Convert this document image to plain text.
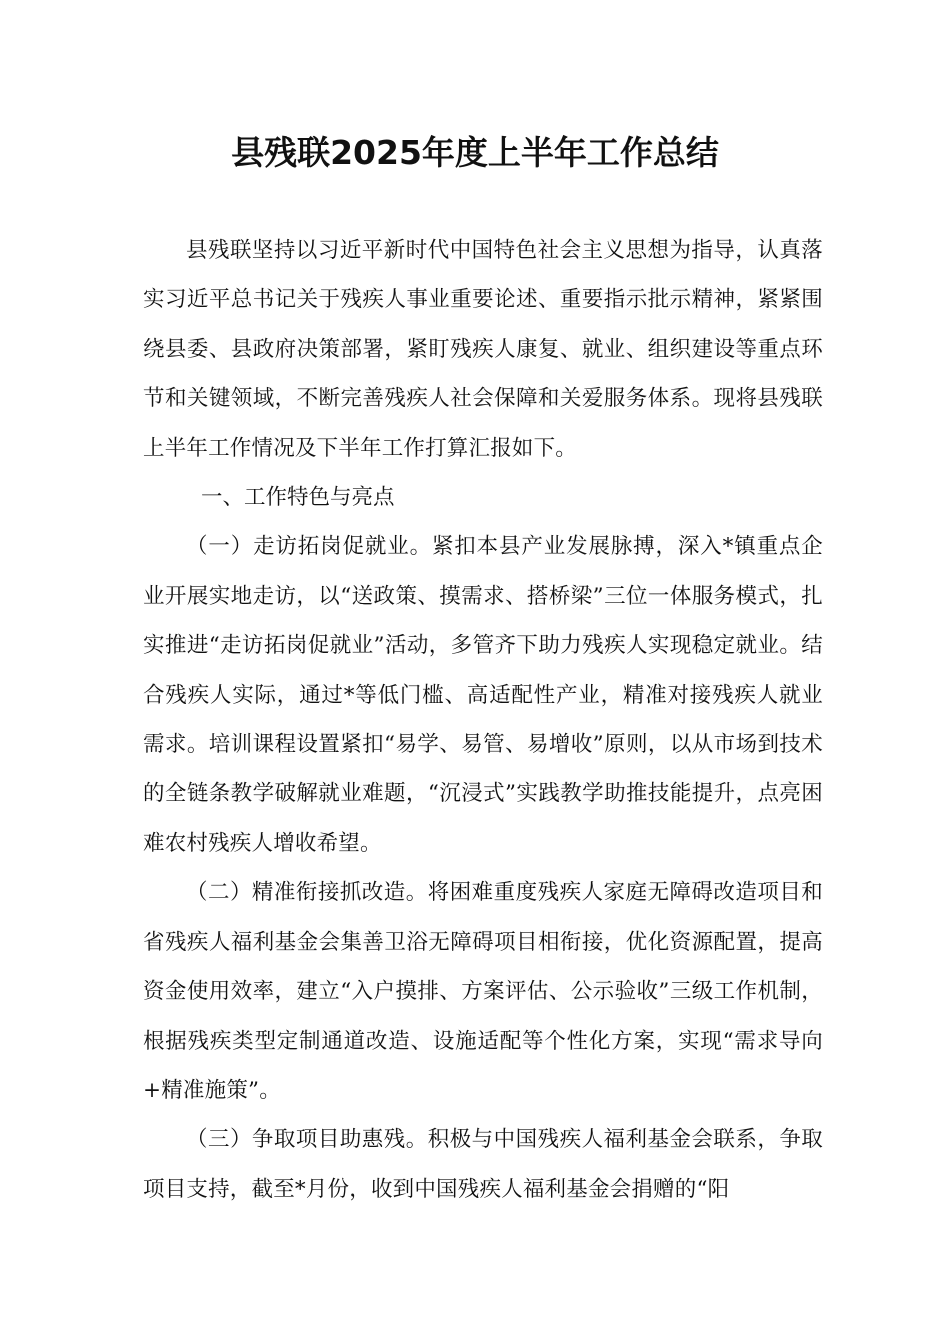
县残联2025年度上半年工作总结

县残联坚持以习近平新时代中国特色社会主义思想为指导，认真落实习近平总书记关于残疾人事业重要论述、重要指示批示精神，紧紧围绕县委、县政府决策部署，紧盯残疾人康复、就业、组织建设等重点环节和关键领域，不断完善残疾人社会保障和关爱服务体系。现将县残联上半年工作情况及下半年工作打算汇报如下。

一、工作特色与亮点

（一）走访拓岗促就业。紧扣本县产业发展脉搏，深入*镇重点企业开展实地走访，以“送政策、摸需求、搭桥梁”三位一体服务模式，扎实推进“走访拓岗促就业”活动，多管齐下助力残疾人实现稳定就业。结合残疾人实际，通过*等低门槛、高适配性产业，精准对接残疾人就业需求。培训课程设置紧扣“易学、易管、易增收”原则，以从市场到技术的全链条教学破解就业难题，“沉浸式”实践教学助推技能提升，点亮困难农村残疾人增收希望。

（二）精准衔接抓改造。将困难重度残疾人家庭无障碍改造项目和省残疾人福利基金会集善卫浴无障碍项目相衔接，优化资源配置，提高资金使用效率，建立“入户摸排、方案评估、公示验收”三级工作机制，根据残疾类型定制通道改造、设施适配等个性化方案，实现“需求导向+精准施策”。

（三）争取项目助惠残。积极与中国残疾人福利基金会联系，争取项目支持，截至*月份，收到中国残疾人福利基金会捐赠的“阳
